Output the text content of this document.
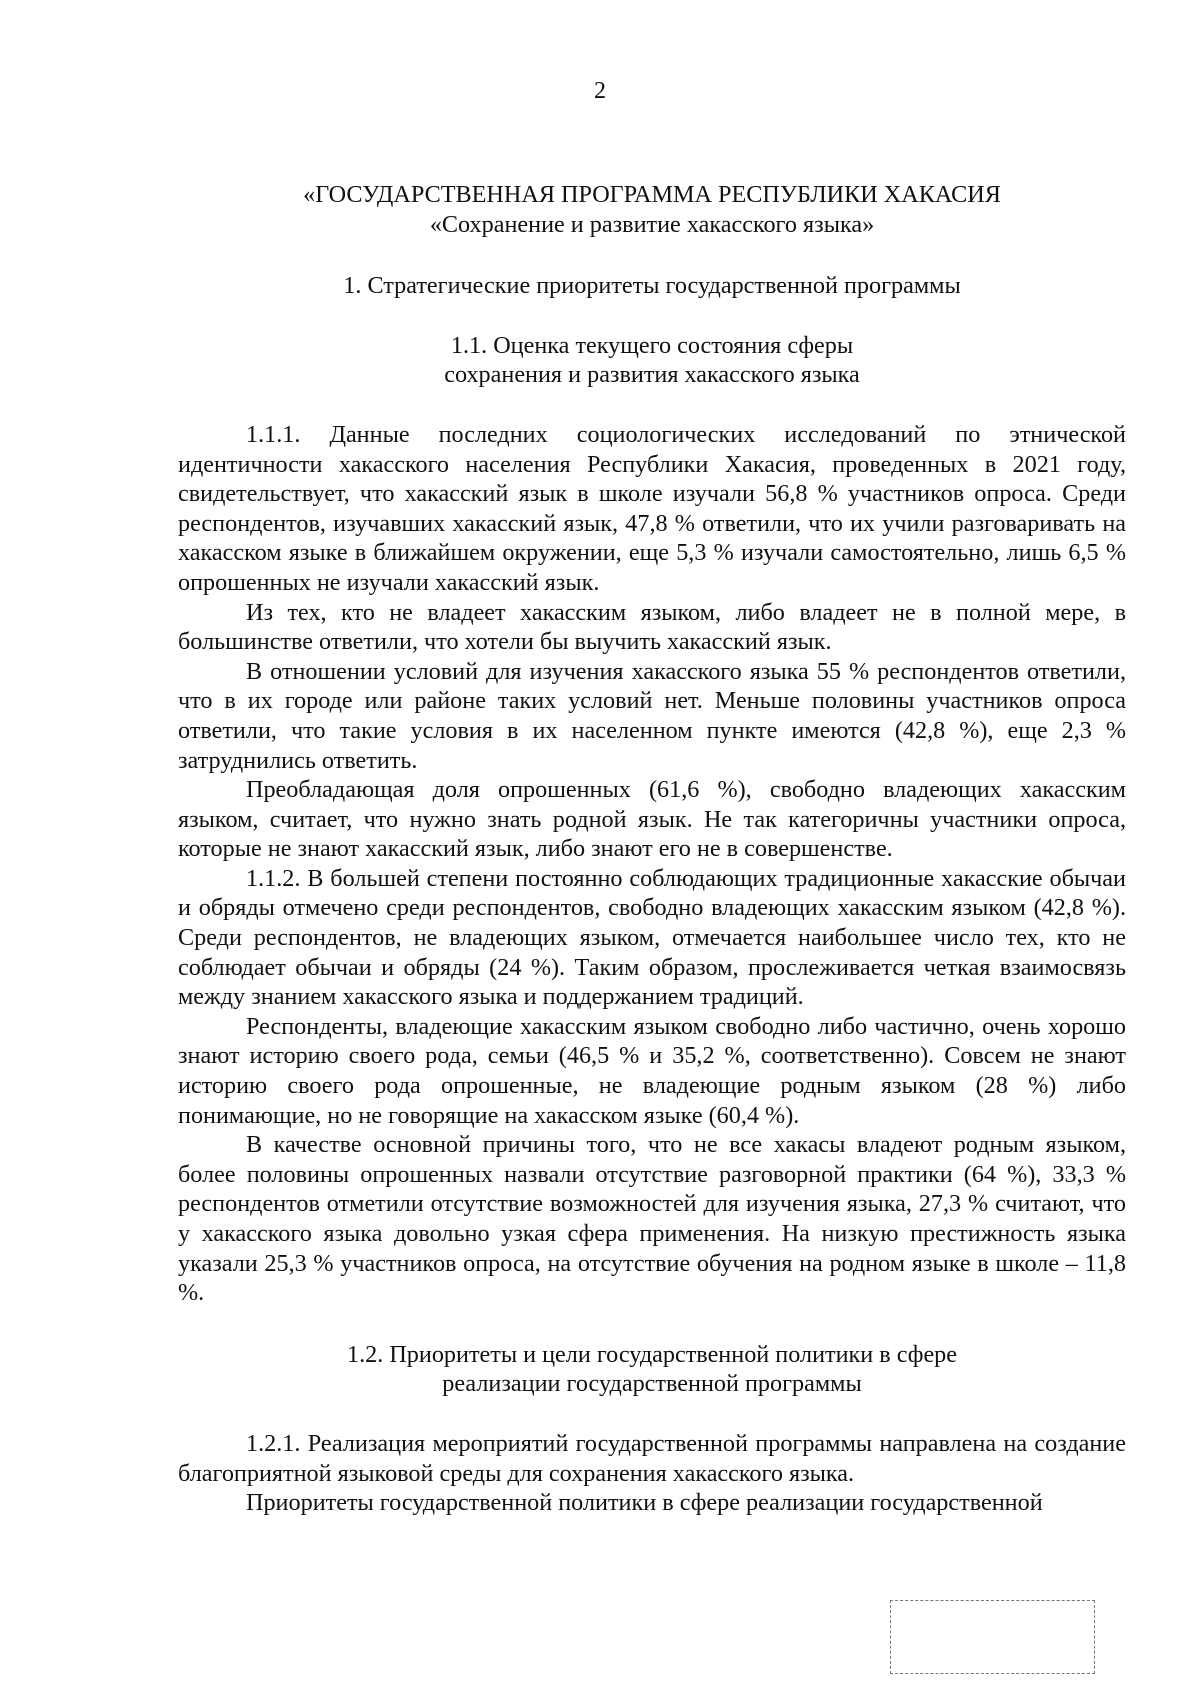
2
«ГОСУДАРСТВЕННАЯ ПРОГРАММА РЕСПУБЛИКИ ХАКАСИЯ
«Сохранение и развитие хакасского языка»
1. Стратегические приоритеты государственной программы
1.1. Оценка текущего состояния сферы
сохранения и развития хакасского языка

1.1.1. Данные последних социологических исследований по этнической идентичности хакасского населения Республики Хакасия, проведенных в 2021 году, свидетельствует, что хакасский язык в школе изучали 56,8 % участников опроса. Среди респондентов, изучавших хакасский язык, 47,8 % ответили, что их учили разговаривать на хакасском языке в ближайшем окружении, еще 5,3 % изучали самостоятельно, лишь 6,5 % опрошенных не изучали хакасский язык.

Из тех, кто не владеет хакасским языком, либо владеет не в полной мере, в большинстве ответили, что хотели бы выучить хакасский язык.

В отношении условий для изучения хакасского языка 55 % респондентов ответили, что в их городе или районе таких условий нет. Меньше половины участников опроса ответили, что такие условия в их населенном пункте имеются (42,8 %), еще 2,3 % затруднились ответить.

Преобладающая доля опрошенных (61,6 %), свободно владеющих хакасским языком, считает, что нужно знать родной язык. Не так категоричны участники опроса, которые не знают хакасский язык, либо знают его не в совершенстве.

1.1.2. В большей степени постоянно соблюдающих традиционные хакасские обычаи и обряды отмечено среди респондентов, свободно владеющих хакасским языком (42,8 %). Среди респондентов, не владеющих языком, отмечается наибольшее число тех, кто не соблюдает обычаи и обряды (24 %). Таким образом, прослеживается четкая взаимосвязь между знанием хакасского языка и поддержанием традиций.

Респонденты, владеющие хакасским языком свободно либо частично, очень хорошо знают историю своего рода, семьи (46,5 % и 35,2 %, соответственно). Совсем не знают историю своего рода опрошенные, не владеющие родным языком (28 %) либо понимающие, но не говорящие на хакасском языке (60,4 %).

В качестве основной причины того, что не все хакасы владеют родным языком, более половины опрошенных назвали отсутствие разговорной практики (64 %), 33,3 % респондентов отметили отсутствие возможностей для изучения языка, 27,3 % считают, что у хакасского языка довольно узкая сфера применения. На низкую престижность языка указали 25,3 % участников опроса, на отсутствие обучения на родном языке в школе – 11,8 %.

1.2. Приоритеты и цели государственной политики в сфере
реализации государственной программы

1.2.1. Реализация мероприятий государственной программы направлена на создание благоприятной языковой среды для сохранения хакасского языка.

Приоритеты государственной политики в сфере реализации государственной
